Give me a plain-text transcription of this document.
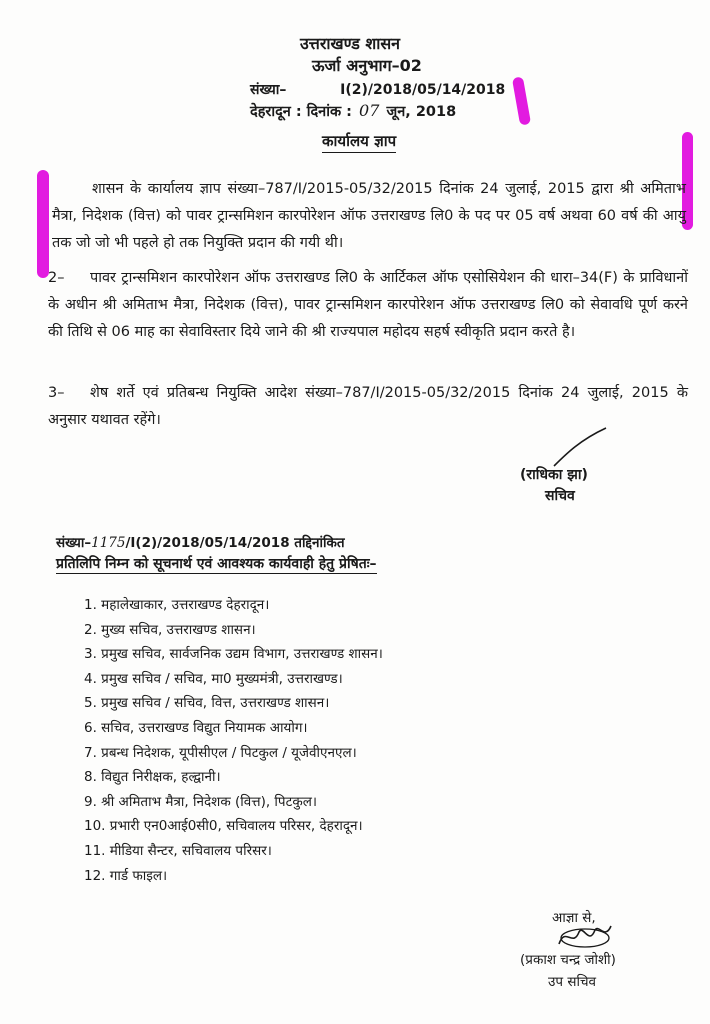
उत्तराखण्ड शासन
ऊर्जा अनुभाग–02
संख्या–	I(2)/2018/05/14/2018
देहरादून : दिनांक : 07 जून, 2018
कार्यालय ज्ञाप

शासन के कार्यालय ज्ञाप संख्या–787/I/2015-05/32/2015 दिनांक 24 जुलाई, 2015 द्वारा श्री अमिताभ मैत्रा, निदेशक (वित्त) को पावर ट्रान्समिशन कारपोरेशन ऑफ उत्तराखण्ड लि0 के पद पर 05 वर्ष अथवा 60 वर्ष की आयु तक जो जो भी पहले हो तक नियुक्ति प्रदान की गयी थी।

2– पावर ट्रान्समिशन कारपोरेशन ऑफ उत्तराखण्ड लि0 के आर्टिकल ऑफ एसोसियेशन की धारा–34(F) के प्राविधानों के अधीन श्री अमिताभ मैत्रा, निदेशक (वित्त), पावर ट्रान्समिशन कारपोरेशन ऑफ उत्तराखण्ड लि0 को सेवावधि पूर्ण करने की तिथि से 06 माह का सेवाविस्तार दिये जाने की श्री राज्यपाल महोदय सहर्ष स्वीकृति प्रदान करते है।

3– शेष शर्ते एवं प्रतिबन्ध नियुक्ति आदेश संख्या–787/I/2015-05/32/2015 दिनांक 24 जुलाई, 2015 के अनुसार यथावत रहेंगे।

(राधिका झा)
सचिव
संख्या–1175/I(2)/2018/05/14/2018 तद्दिनांकित
प्रतिलिपि निम्न को सूचनार्थ एवं आवश्यक कार्यवाही हेतु प्रेषितः–
1. महालेखाकार, उत्तराखण्ड देहरादून।
2. मुख्य सचिव, उत्तराखण्ड शासन।
3. प्रमुख सचिव, सार्वजनिक उद्यम विभाग, उत्तराखण्ड शासन।
4. प्रमुख सचिव / सचिव, मा0 मुख्यमंत्री, उत्तराखण्ड।
5. प्रमुख सचिव / सचिव, वित्त, उत्तराखण्ड शासन।
6. सचिव, उत्तराखण्ड विद्युत नियामक आयोग।
7. प्रबन्ध निदेशक, यूपीसीएल / पिटकुल / यूजेवीएनएल।
8. विद्युत निरीक्षक, हल्द्वानी।
9. श्री अमिताभ मैत्रा, निदेशक (वित्त), पिटकुल।
10. प्रभारी एन0आई0सी0, सचिवालय परिसर, देहरादून।
11. मीडिया सैन्टर, सचिवालय परिसर।
12. गार्ड फाइल।
आज्ञा से,
(प्रकाश चन्द्र जोशी)
उप सचिव
